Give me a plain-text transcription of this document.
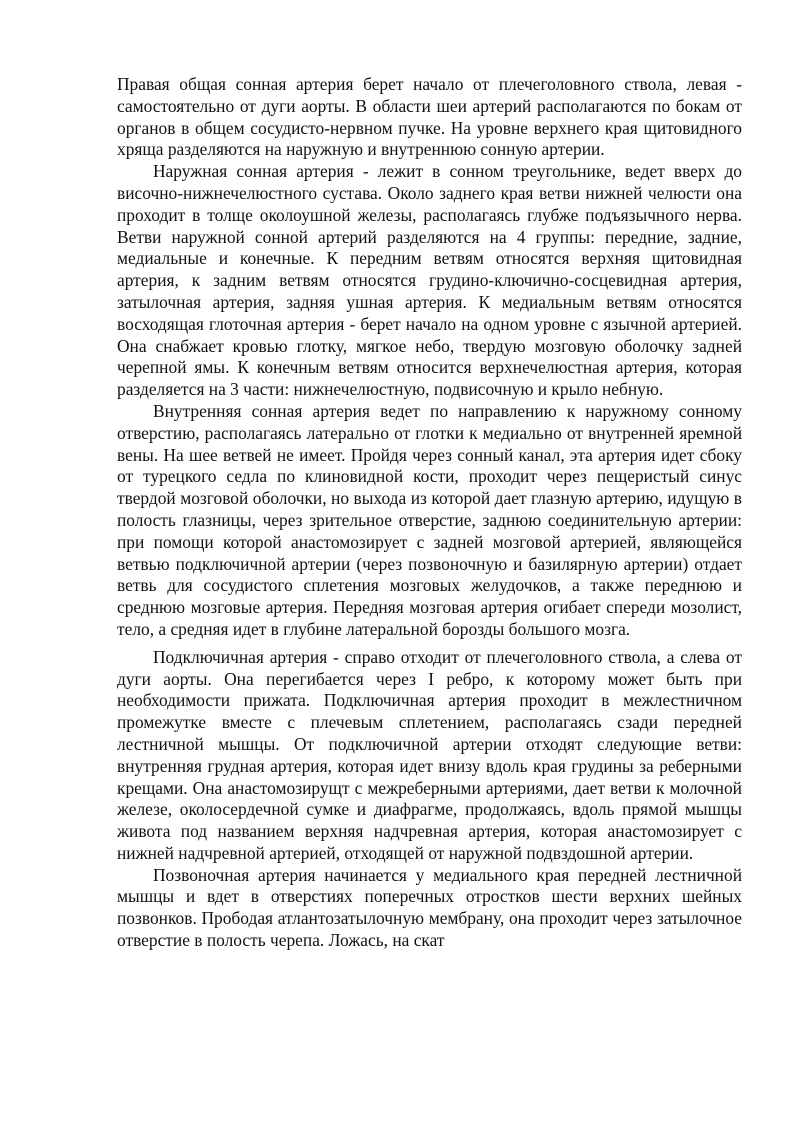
Правая общая сонная артерия берет начало от плечеголовного ствола, левая - самостоятельно от дуги аорты. В области шеи артерий располагаются по бокам от органов в общем сосудисто-нервном пучке. На уровне верхнего края щитовидного хряща разделяются на наружную и внутреннюю сонную артерии.

Наружная сонная артерия - лежит в сонном треугольнике, ведет вверх до височно-нижнечелюстного сустава. Около заднего края ветви нижней челюсти она проходит в толще околоушной железы, располагаясь глубже подъязычного нерва. Ветви наружной сонной артерий разделяются на 4 группы: передние, задние, медиальные и конечные. К передним ветвям относятся верхняя щитовидная артерия, к задним ветвям относятся грудино-ключично-сосцевидная артерия, затылочная артерия, задняя ушная артерия. К медиальным ветвям относятся восходящая глоточная артерия - берет начало на одном уровне с язычной артерией. Она снабжает кровью глотку, мягкое небо, твердую мозговую оболочку задней черепной ямы. К конечным ветвям относится верхнечелюстная артерия, которая разделяется на 3 части: нижнечелюстную, подвисочную и крыло небную.

Внутренняя сонная артерия ведет по направлению к наружному сонному отверстию, располагаясь латерально от глотки к медиально от внутренней яремной вены. На шее ветвей не имеет. Пройдя через сонный канал, эта артерия идет сбоку от турецкого седла по клиновидной кости, проходит через пещеристый синус твердой мозговой оболочки, но выхода из которой дает глазную артерию, идущую в полость глазницы, через зрительное отверстие, заднюю соединительную артерии: при помощи которой анастомозирует с задней мозговой артерией, являющейся ветвью подключичной артерии (через позвоночную и базилярную артерии) отдает ветвь для сосудистого сплетения мозговых желудочков, а также переднюю и среднюю мозговые артерия. Передняя мозговая артерия огибает спереди мозолист, тело, а средняя идет в глубине латеральной борозды большого мозга.

Подключичная артерия - справо отходит от плечеголовного ствола, а слева от дуги аорты. Она перегибается через I ребро, к которому может быть при необходимости прижата. Подключичная артерия проходит в межлестничном промежутке вместе с плечевым сплетением, располагаясь сзади передней лестничной мышцы. От подключичной артерии отходят следующие ветви: внутренняя грудная артерия, которая идет внизу вдоль края грудины за реберными крещами. Она анастомозирущт с межреберными артериями, дает ветви к молочной железе, околосердечной сумке и диафрагме, продолжаясь, вдоль прямой мышцы живота под названием верхняя надчревная артерия, которая анастомозирует с нижней надчревной артерией, отходящей от наружной подвздошной артерии.

Позвоночная артерия начинается у медиального края передней лестничной мышцы и вдет в отверстиях поперечных отростков шести верхних шейных позвонков. Прободая атлантозатылочную мембрану, она проходит через затылочное отверстие в полость черепа. Ложась, на скат
